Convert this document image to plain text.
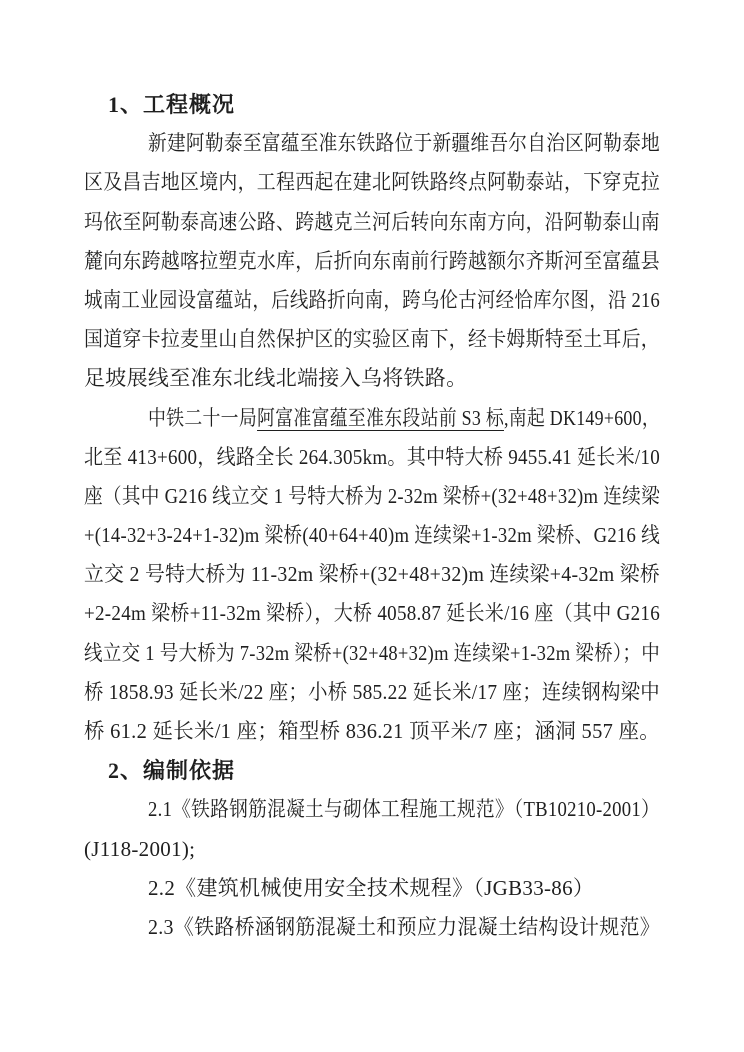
1、工程概况
新建阿勒泰至富蕴至准东铁路位于新疆维吾尔自治区阿勒泰地
区及昌吉地区境内，工程西起在建北阿铁路终点阿勒泰站，下穿克拉
玛依至阿勒泰高速公路、跨越克兰河后转向东南方向，沿阿勒泰山南
麓向东跨越喀拉塑克水库，后折向东南前行跨越额尔齐斯河至富蕴县
城南工业园设富蕴站，后线路折向南，跨乌伦古河经恰库尔图，沿 216
国道穿卡拉麦里山自然保护区的实验区南下，经卡姆斯特至土耳后，
足坡展线至准东北线北端接入乌将铁路。
中铁二十一局阿富准富蕴至准东段站前 S3 标,南起 DK149+600，
北至 413+600，线路全长 264.305km。其中特大桥 9455.41 延长米/10
座（其中 G216 线立交 1 号特大桥为 2-32m 梁桥+(32+48+32)m 连续梁
+(14-32+3-24+1-32)m 梁桥(40+64+40)m 连续梁+1-32m 梁桥、G216 线
立交 2 号特大桥为 11-32m 梁桥+(32+48+32)m 连续梁+4-32m 梁桥
+2-24m 梁桥+11-32m 梁桥），大桥 4058.87 延长米/16 座（其中 G216
线立交 1 号大桥为 7-32m 梁桥+(32+48+32)m 连续梁+1-32m 梁桥）；中
桥 1858.93 延长米/22 座；小桥 585.22 延长米/17 座；连续钢构梁中
桥 61.2 延长米/1 座；箱型桥 836.21 顶平米/7 座；涵洞 557 座。
2、编制依据
2.1《铁路钢筋混凝土与砌体工程施工规范》（TB10210-2001）
(J118-2001);
2.2《建筑机械使用安全技术规程》（JGB33-86）
2.3《铁路桥涵钢筋混凝土和预应力混凝土结构设计规范》
